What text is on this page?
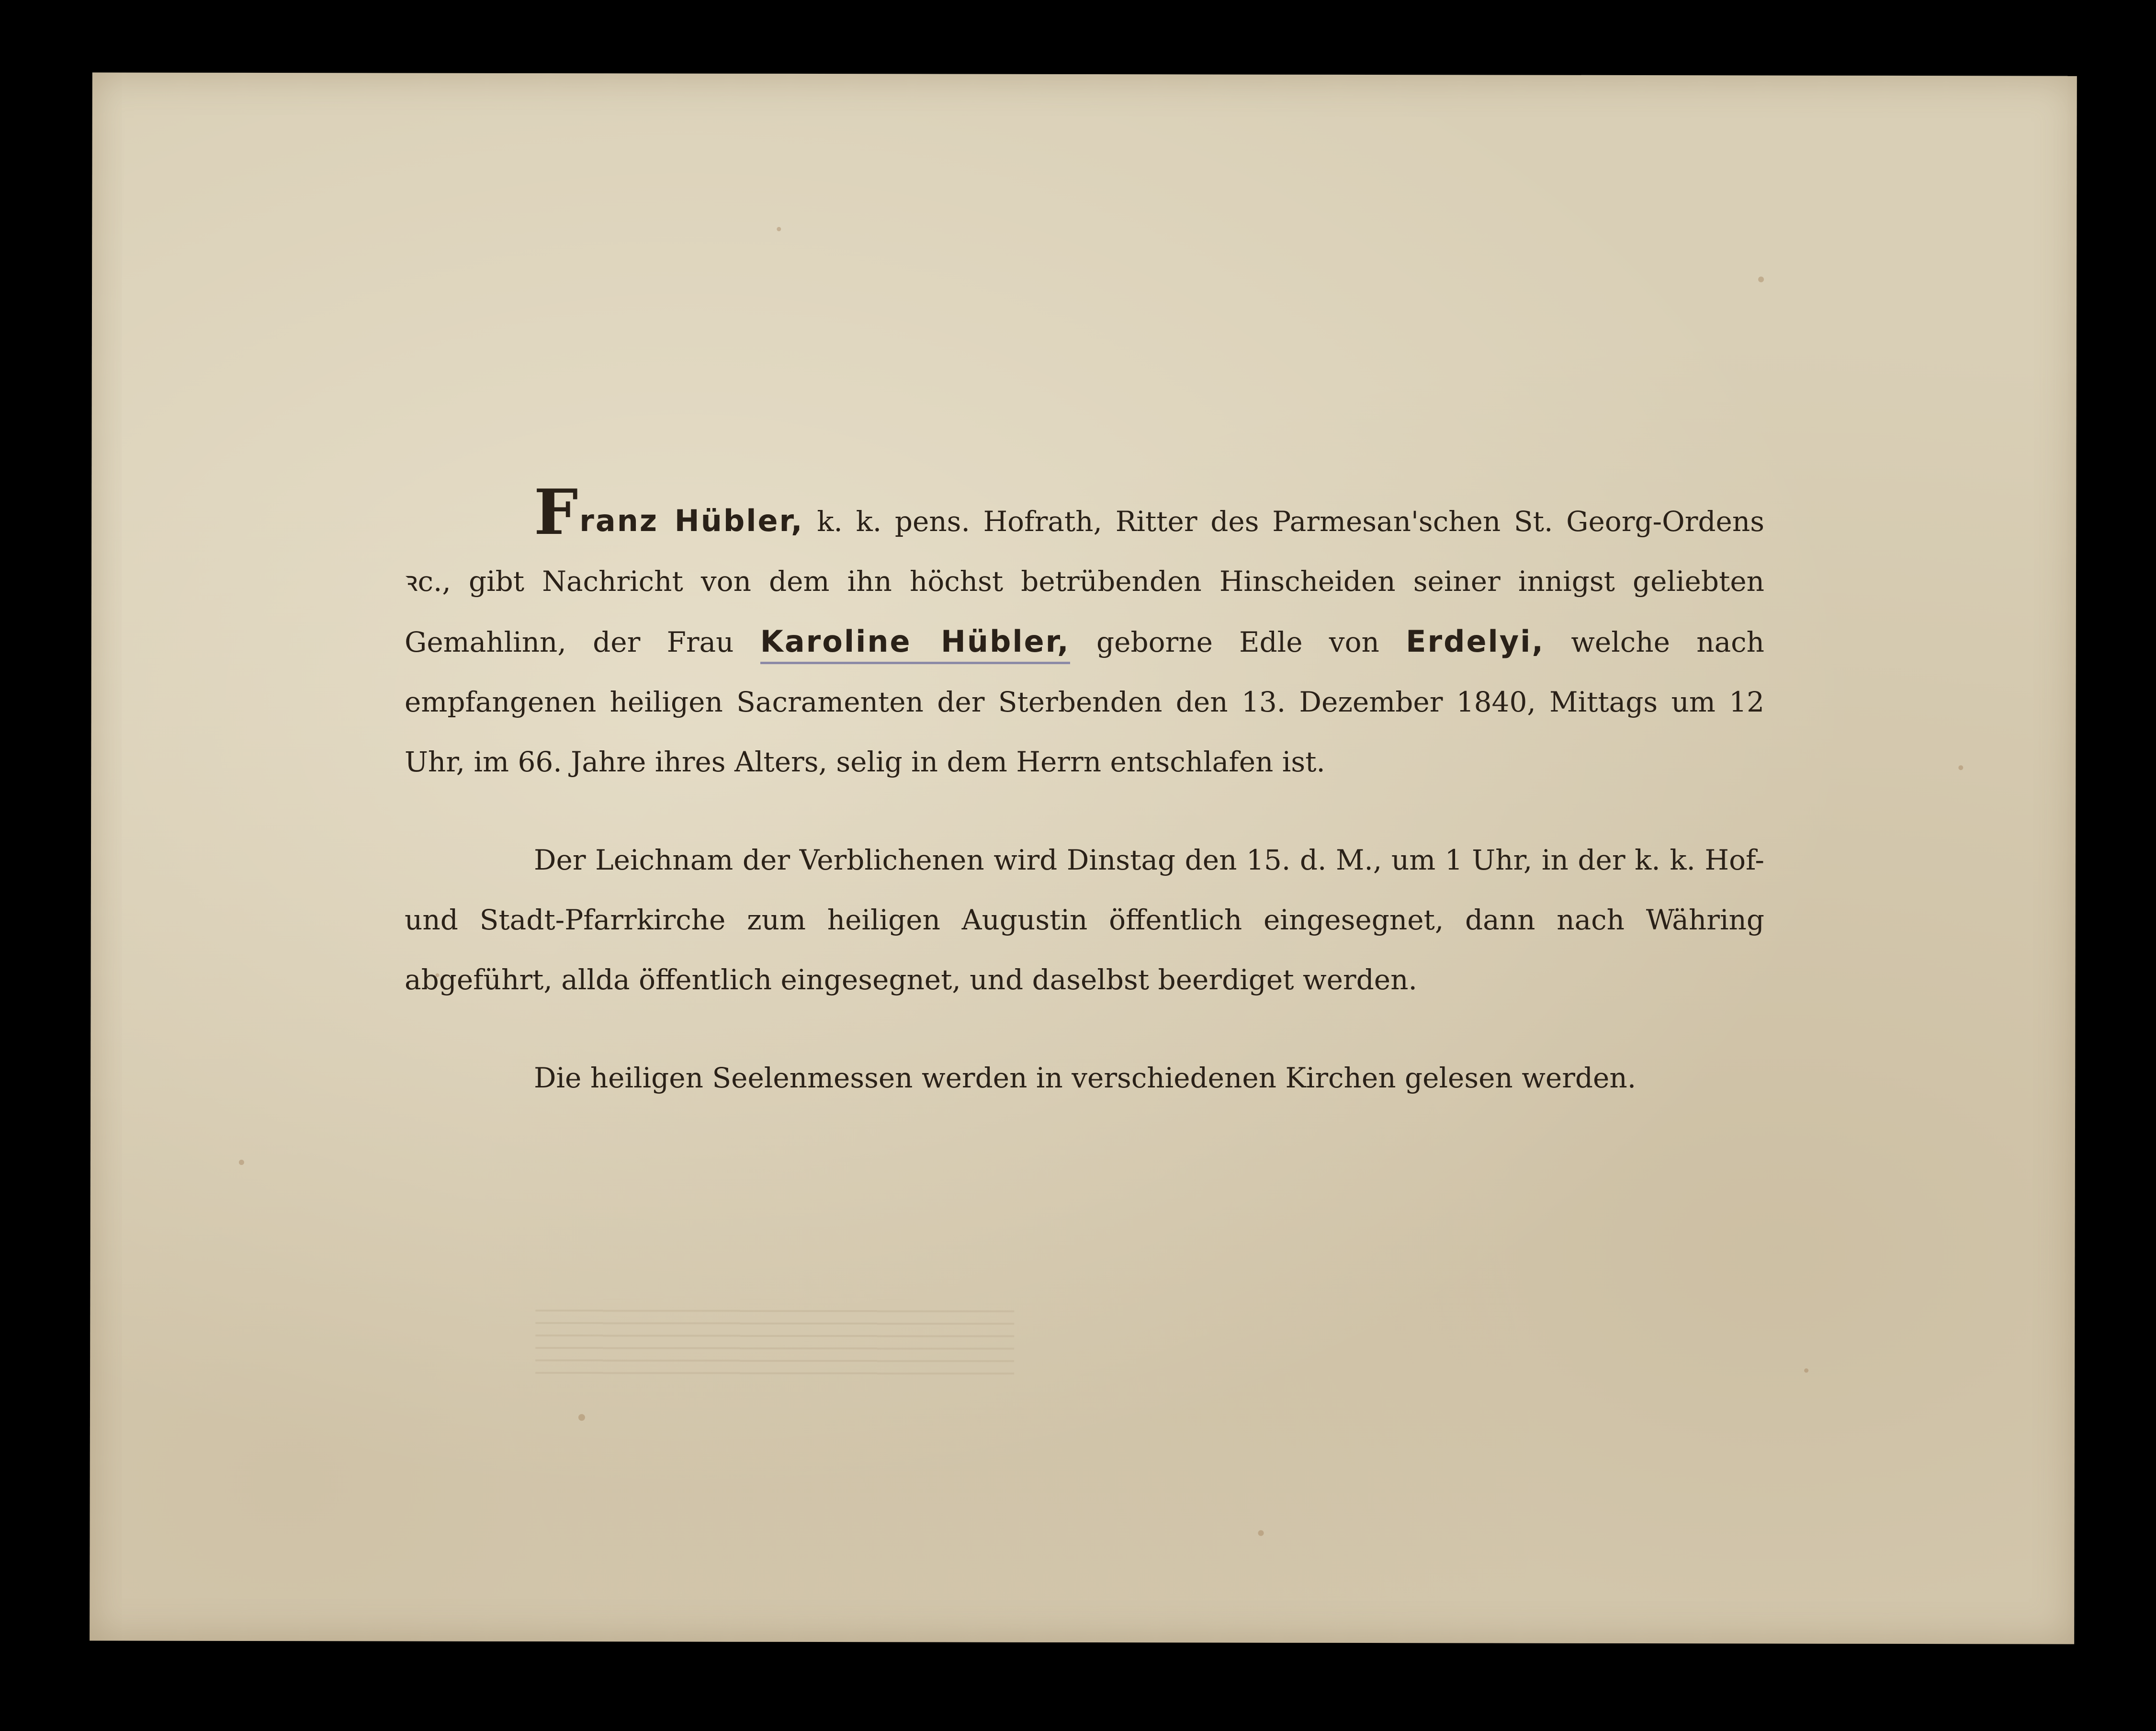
Franz Hübler, k. k. pens. Hofrath, Ritter des Parmesan'schen St. Georg-Ordens ꝛc., gibt Nachricht von dem ihn höchst betrübenden Hinscheiden seiner innigst geliebten Gemahlinn, der Frau Karoline Hübler, geborne Edle von Erdelyi, welche nach empfangenen heiligen Sacramenten der Sterbenden den 13. Dezember 1840, Mittags um 12 Uhr, im 66. Jahre ihres Alters, selig in dem Herrn entschlafen ist.

Der Leichnam der Verblichenen wird Dinstag den 15. d. M., um 1 Uhr, in der k. k. Hof- und Stadt-Pfarrkirche zum heiligen Augustin öffentlich eingesegnet, dann nach Währing abgeführt, allda öffentlich eingesegnet, und daselbst beerdiget werden.

Die heiligen Seelenmessen werden in verschiedenen Kirchen gelesen werden.
